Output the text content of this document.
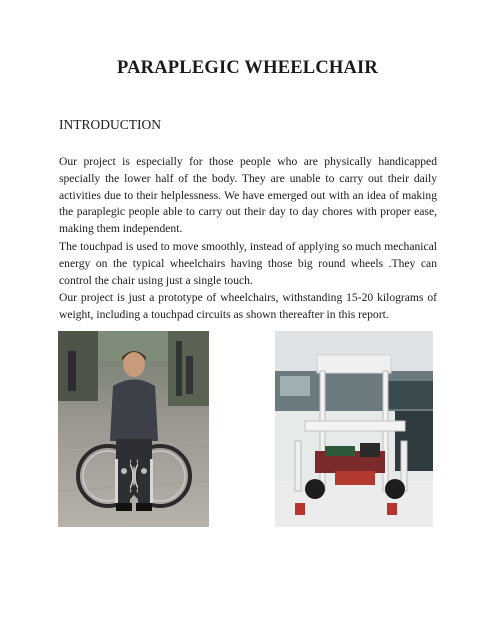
PARAPLEGIC WHEELCHAIR
INTRODUCTION

Our project is especially for those people who are physically handicapped specially the lower half of the body. They are unable to carry out their daily activities due to their helplessness. We have emerged out with an idea of making the paraplegic people able to carry out their day to day chores with proper ease, making them independent.

The touchpad is used to move smoothly, instead of applying so much mechanical energy on the typical wheelchairs having those big round wheels .They can control the chair using just a single touch.

Our project is just a prototype of wheelchairs, withstanding 15-20 kilograms of weight, including a touchpad circuits as shown thereafter in this report.
